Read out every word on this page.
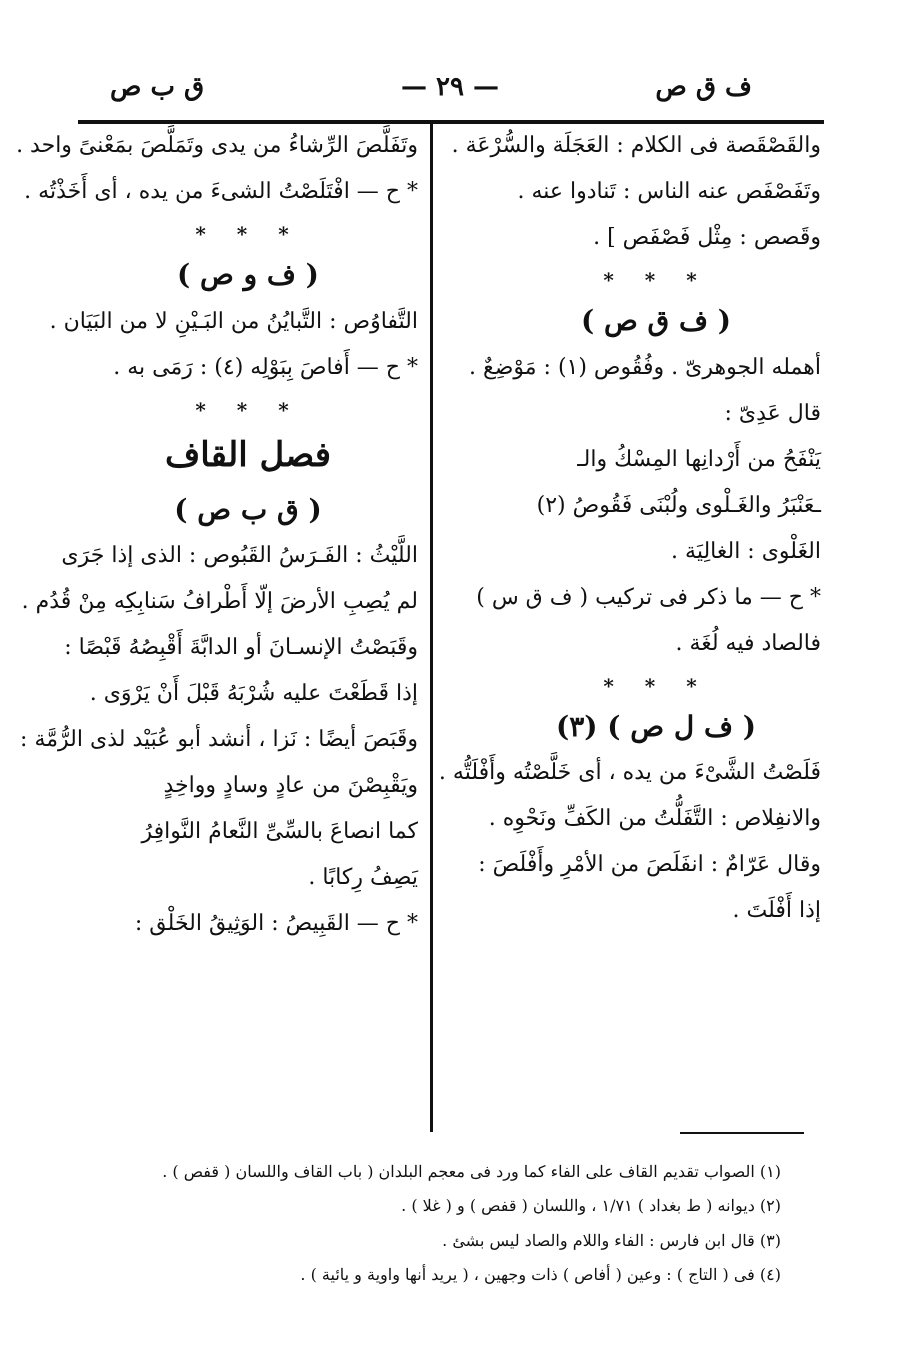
ف ق ص
— ٢٩ —
ق ب ص
والقَصْقَصة فى الكلام : العَجَلَة والسُّرْعَة .
وتَفَصْفَص عنه الناس : تَنادوا عنه .
وقَصص : مِثْل فَصْفَص ] .
* * *
( ف ق ص )
أهمله الجوهرىّ . وفُقُوص (١) : مَوْضِعٌ .
قال عَدِىّ :
يَنْفَحُ من أَرْدانِها المِسْكُ والـ
ـعَنْبَرُ والغَـلْوى ولُبْنَى فَقُوصُ (٢)
الغَلْوى : الغالِيَة .
* ح — ما ذكر فى تركيب ( ف ق س )
فالصاد فيه لُغَة .
* * *
( ف ل ص ) (٣)
فَلَصْتُ الشَّىْءَ من يده ، أى خَلَّصْتُه وأَفْلَتُّه .
والانفِلاص : التَّفَلُّتُ من الكَفِّ ونَحْوِه .
وقال عَرّامٌ : انفَلَصَ من الأمْرِ وأَفْلَصَ :
إذا أَفْلَتَ .
وتَفَلَّصَ الرِّشاءُ من يدى وتَمَلَّصَ بمَعْنىً واحد .
* ح — افْتَلَصْتُ الشىءَ من يده ، أى أَخَذْتُه .
* * *
( ف و ص )
التَّفاوُص : التَّبايُنُ من البَـيْنِ لا من البَيَان .
* ح — أَفاصَ بِبَوْلِه (٤) : رَمَى به .
* * *
فصل القاف
( ق ب ص )
اللَّيْثُ : الفَـرَسُ القَبُوص : الذى إذا جَرَى
لم يُصِبِ الأرضَ إلّا أَطْرافُ سَنابِكِه مِنْ قُدُم .
وقَبَصْتُ الإنسـانَ أو الدابَّةَ أَقْبِصُهُ قَبْصًا :
إذا قَطَعْتَ عليه شُرْبَهُ قَبْلَ أَنْ يَرْوَى .
وقَبَصَ أيضًا : نَزا ، أنشد أبو عُبَيْد لذى الرُّمَّة :
ويَقْبِصْنَ من عادٍ وسادٍ وواخِدٍ
كما انصاعَ بالسِّىِّ النَّعامُ النَّوافِرُ
يَصِفُ رِكابًا .
* ح — القَبِيصُ : الوَثِيقُ الخَلْق :
(١) الصواب تقديم القاف على الفاء كما ورد فى معجم البلدان ( باب القاف واللسان ( قفص ) .
(٢) ديوانه ( ط بغداد ) ١/٧١ ، واللسان ( قفص ) و ( غلا ) .
(٣) قال ابن فارس : الفاء واللام والصاد ليس بشئ .
(٤) فى ( التاج ) : وعين ( أفاص ) ذات وجهين ، ( يريد أنها واوية و يائية ) .
